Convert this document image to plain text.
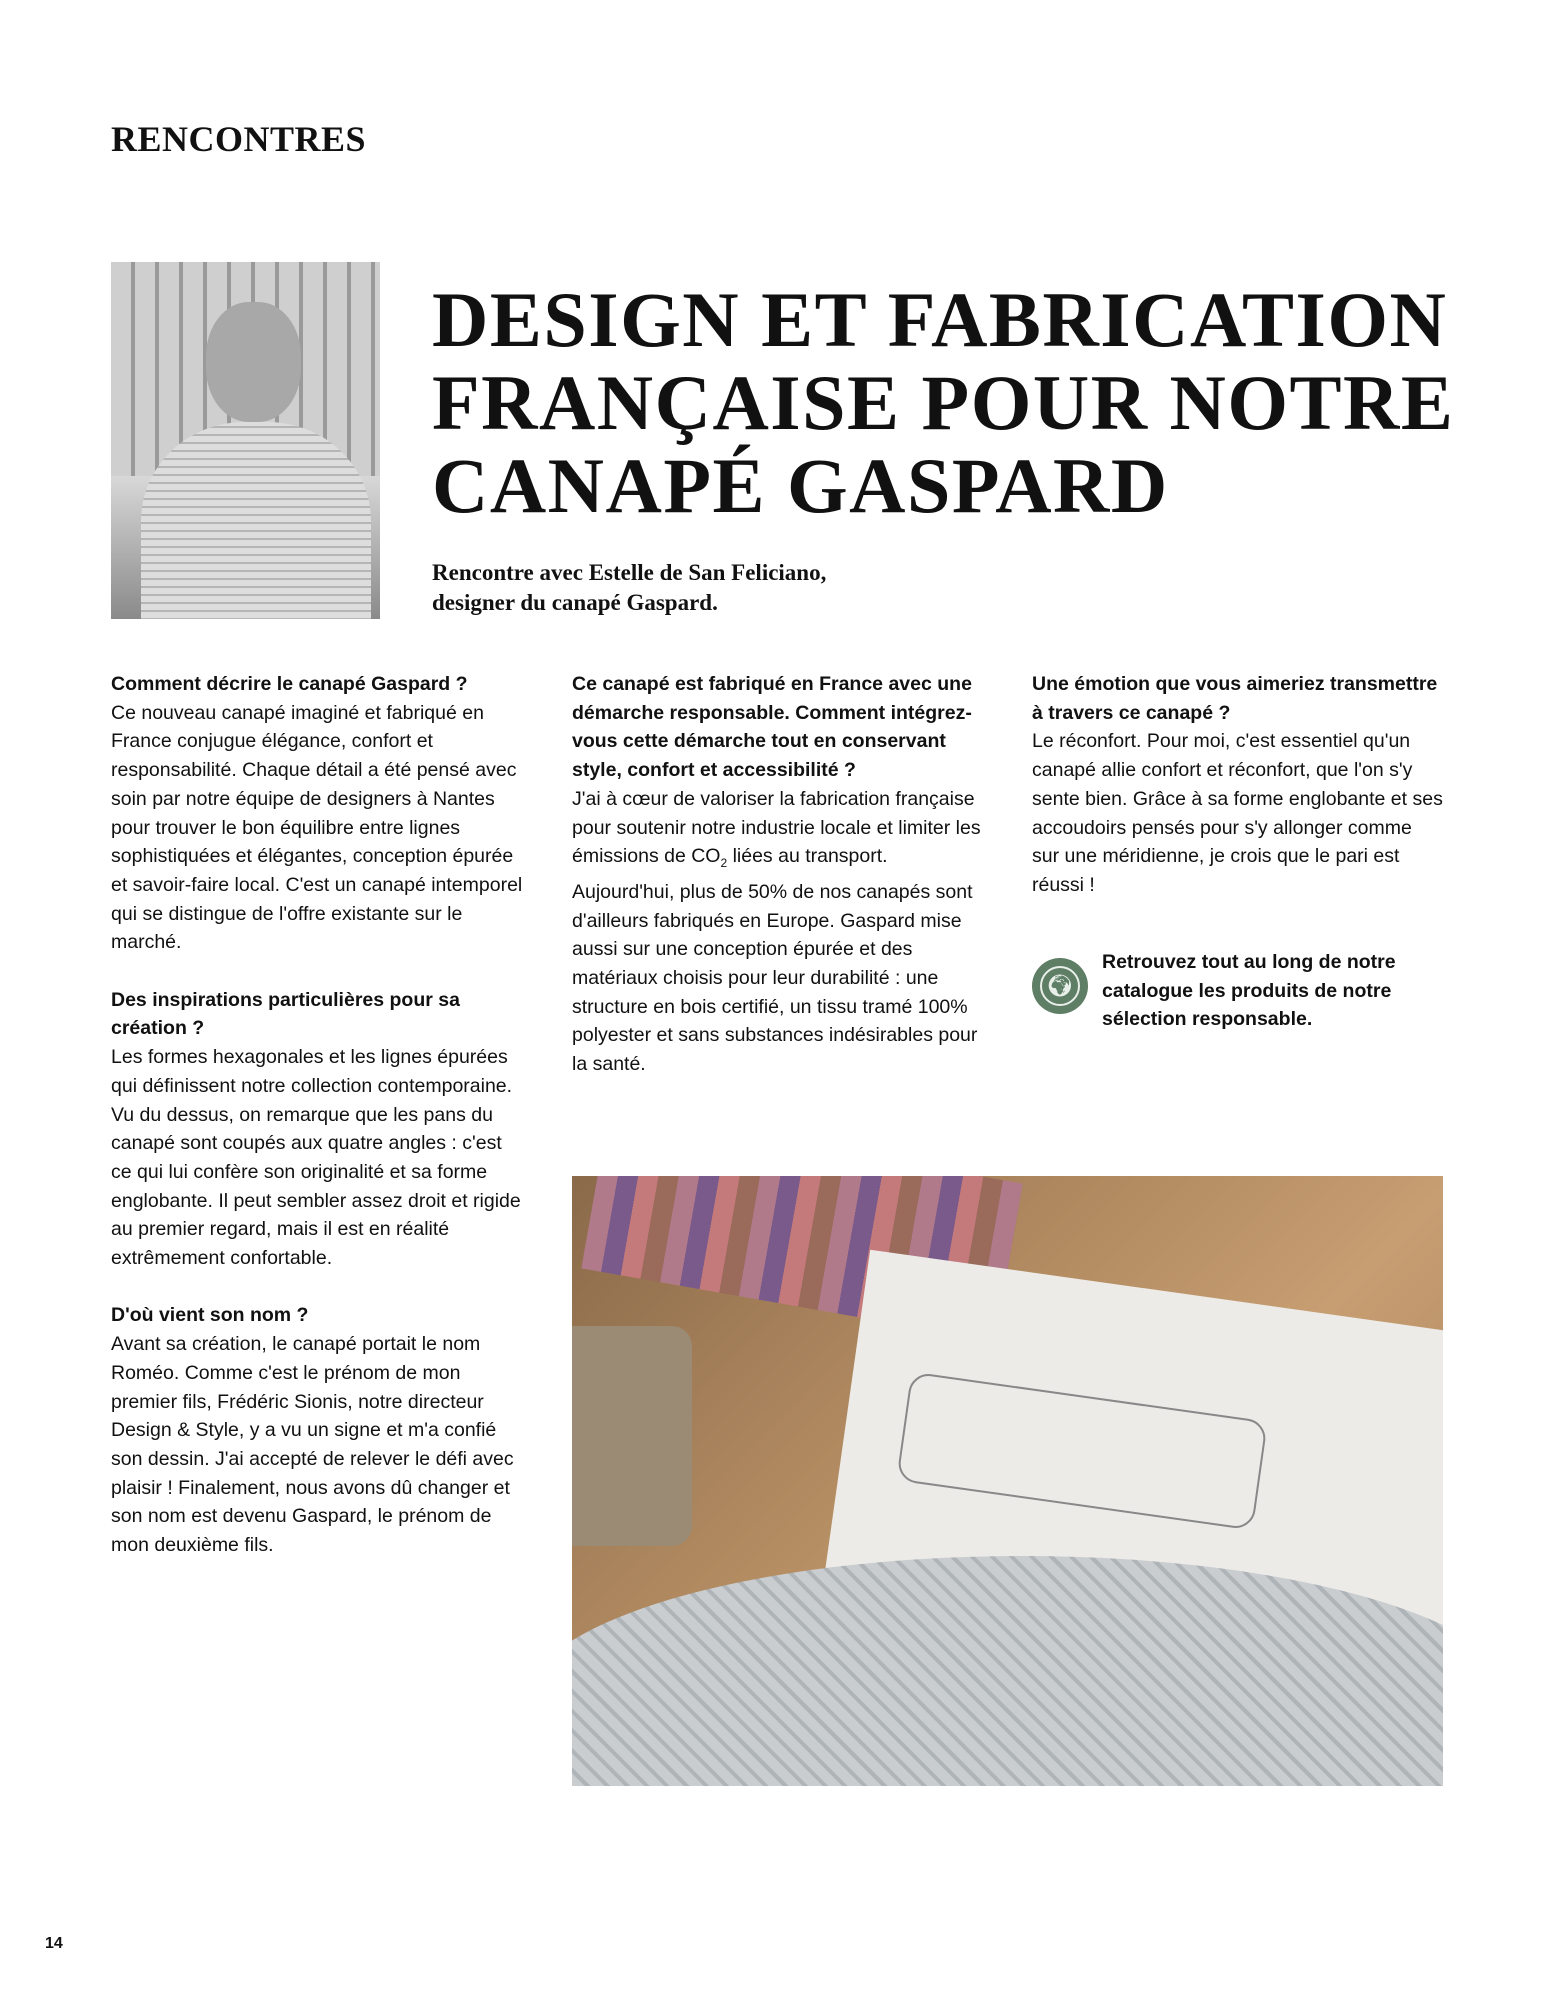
RENCONTRES
DESIGN ET FABRICATION
FRANÇAISE POUR NOTRE
CANAPÉ GASPARD
Rencontre avec Estelle de San Feliciano,
designer du canapé Gaspard.
Comment décrire le canapé Gaspard ?

Ce nouveau canapé imaginé et fabriqué en France conjugue élégance, confort et responsabilité. Chaque détail a été pensé avec soin par notre équipe de designers à Nantes pour trouver le bon équilibre entre lignes sophistiquées et élégantes, conception épurée et savoir-faire local. C'est un canapé intemporel qui se distingue de l'offre existante sur le marché.

Des inspirations particulières pour sa création ?

Les formes hexagonales et les lignes épurées qui définissent notre collection contemporaine. Vu du dessus, on remarque que les pans du canapé sont coupés aux quatre angles : c'est ce qui lui confère son originalité et sa forme englobante. Il peut sembler assez droit et rigide au premier regard, mais il est en réalité extrêmement confortable.

D'où vient son nom ?

Avant sa création, le canapé portait le nom Roméo. Comme c'est le prénom de mon premier fils, Frédéric Sionis, notre directeur Design & Style, y a vu un signe et m'a confié son dessin. J'ai accepté de relever le défi avec plaisir ! Finalement, nous avons dû changer et son nom est devenu Gaspard, le prénom de mon deuxième fils.

Ce canapé est fabriqué en France avec une démarche responsable. Comment intégrez-vous cette démarche tout en conservant style, confort et accessibilité ?

J'ai à cœur de valoriser la fabrication française pour soutenir notre industrie locale et limiter les émissions de $CO_2$ liées au transport. Aujourd'hui, plus de 50% de nos canapés sont d'ailleurs fabriqués en Europe. Gaspard mise aussi sur une conception épurée et des matériaux choisis pour leur durabilité : une structure en bois certifié, un tissu tramé 100% polyester et sans substances indésirables pour la santé.

Une émotion que vous aimeriez transmettre à travers ce canapé ?

Le réconfort. Pour moi, c'est essentiel qu'un canapé allie confort et réconfort, que l'on s'y sente bien. Grâce à sa forme englobante et ses accoudoirs pensés pour s'y allonger comme sur une méridienne, je crois que le pari est réussi !

🌍︎

Retrouvez tout au long de notre catalogue les produits de notre sélection responsable.

14
